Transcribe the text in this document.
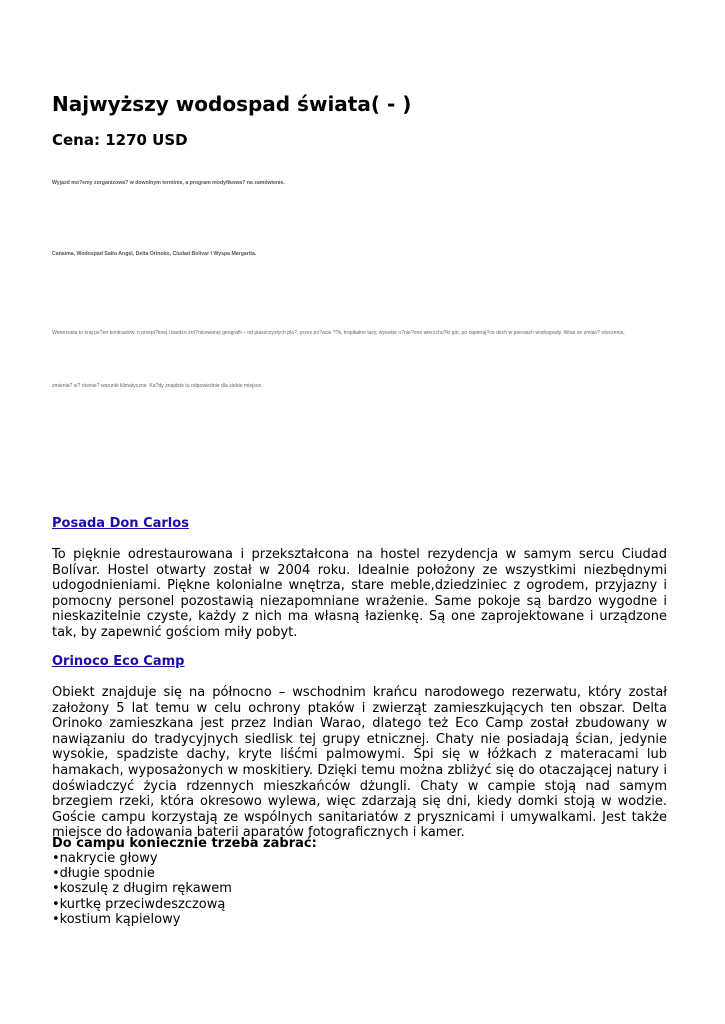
Najwyższy wodospad świata( - )
Cena: 1270 USD

Wyjazd mo?emy zorganizowa? w dowolnym terminie, a program modyfikowa? na zamówienie.

Canaima, Wodospad Salto Angel, Delta Orinoko, Ciudad Bolivar i Wyspa Margarita.

Wenezuela to kraj pe?en kontrastów, o przepi?knej i bardzo zró?nicowanej geografii – od piaszczystych pla?, przez po?acie ??k, tropikalne lasy, wysokie o?nie?one wierzcho?ki gór, po zapieraj?ce dech w piersiach wodospady. Wraz ze zmian? otoczenia,

zmienia? si? równie? warunki klimatyczne. Ka?dy znajdzie tu odpowiednie dla siebie miejsce.

Posada Don Carlos

To pięknie odrestaurowana i przekształcona na hostel rezydencja w samym sercu Ciudad Bolívar. Hostel otwarty został w 2004 roku. Idealnie położony ze wszystkimi niezbędnymi udogodnieniami. Piękne kolonialne wnętrza, stare meble,dziedziniec z ogrodem, przyjazny i pomocny personel pozostawią niezapomniane wrażenie. Same pokoje są bardzo wygodne i nieskazitelnie czyste, każdy z nich ma własną łazienkę. Są one zaprojektowane i urządzone tak, by zapewnić gościom miły pobyt.

Orinoco Eco Camp

Obiekt znajduje się na północno – wschodnim krańcu narodowego rezerwatu, który został założony 5 lat temu w celu ochrony ptaków i zwierząt zamieszkujących ten obszar. Delta Orinoko zamieszkana jest przez Indian Warao, dlatego też Eco Camp został zbudowany w nawiązaniu do tradycyjnych siedlisk tej grupy etnicznej. Chaty nie posiadają ścian, jedynie wysokie, spadziste dachy, kryte liśćmi palmowymi. Śpi się w łóżkach z materacami lub hamakach, wyposażonych w moskitiery. Dzięki temu można zbliżyć się do otaczającej natury i doświadczyć życia rdzennych mieszkańców dżungli. Chaty w campie stoją nad samym brzegiem rzeki, która okresowo wylewa, więc zdarzają się dni, kiedy domki stoją w wodzie. Goście campu korzystają ze wspólnych sanitariatów z prysznicami i umywalkami. Jest także miejsce do ładowania baterii aparatów fotograficznych i kamer.

Do campu koniecznie trzeba zabrać:

•nakrycie głowy
•długie spodnie
•koszulę z długim rękawem
•kurtkę przeciwdeszczową
•kostium kąpielowy
